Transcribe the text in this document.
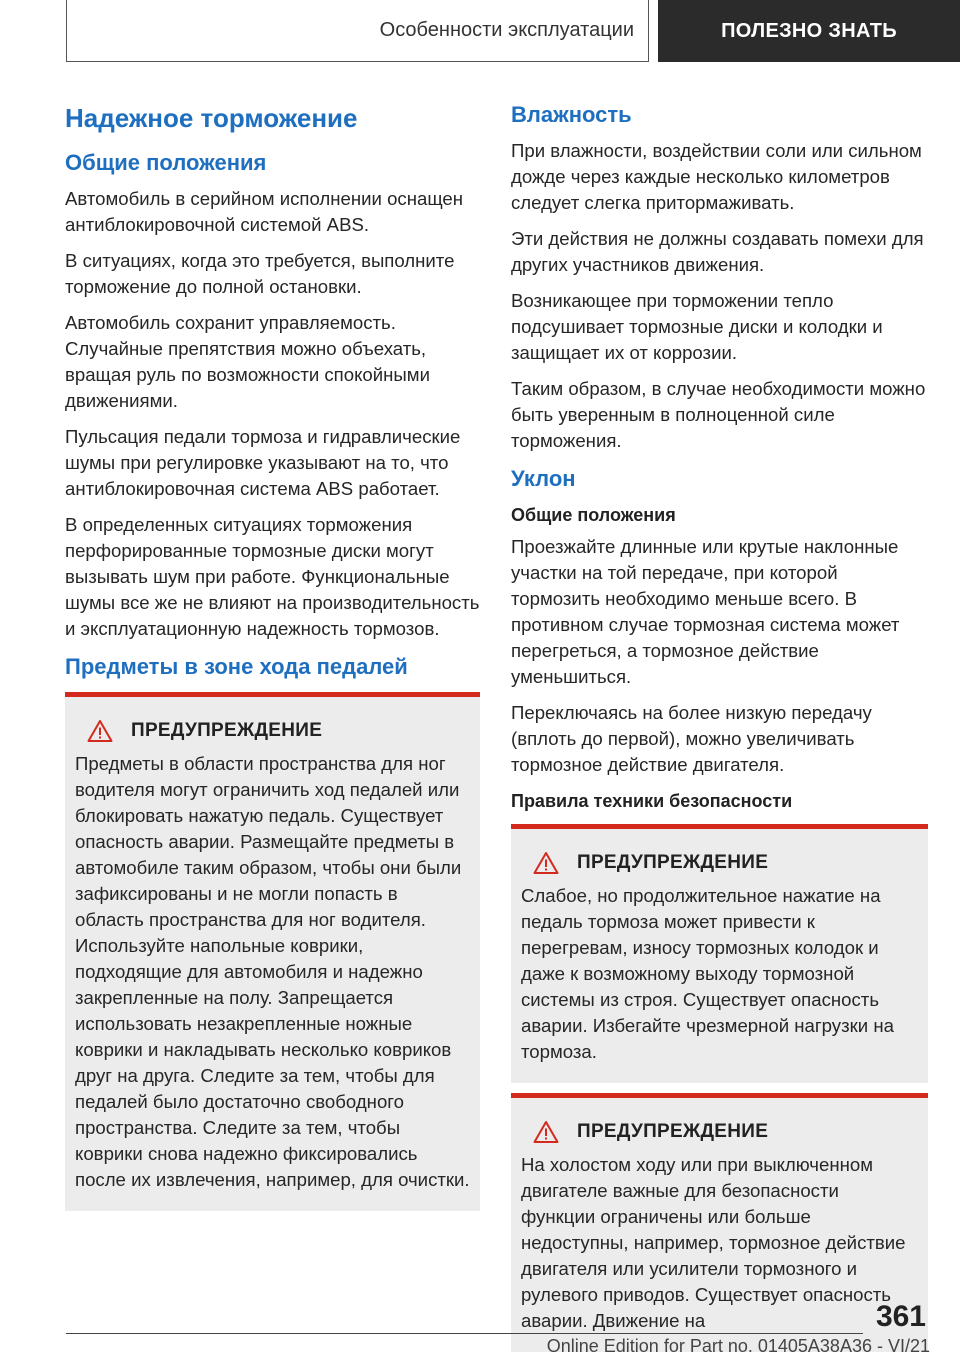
Особенности эксплуатации	ПОЛЕЗНО ЗНАТЬ
Надежное торможение
Общие положения

Автомобиль в серийном исполнении оснащен антиблокировочной системой ABS.

В ситуациях, когда это требуется, выполните торможение до полной остановки.

Автомобиль сохранит управляемость. Случайные препятствия можно объехать, вращая руль по возможности спокойными движениями.

Пульсация педали тормоза и гидравлические шумы при регулировке указывают на то, что антиблокировочная система ABS работает.

В определенных ситуациях торможения перфорированные тормозные диски могут вызывать шум при работе. Функциональные шумы все же не влияют на производительность и эксплуатационную надежность тормозов.

Предметы в зоне хода педалей
ПРЕДУПРЕЖДЕНИЕ

Предметы в области пространства для ног водителя могут ограничить ход педалей или блокировать нажатую педаль. Существует опасность аварии. Размещайте предметы в автомобиле таким образом, чтобы они были зафиксированы и не могли попасть в область пространства для ног водителя. Используйте напольные коврики, подходящие для автомобиля и надежно закрепленные на полу. Запрещается использовать незакрепленные ножные коврики и накладывать несколько ковриков друг на друга. Следите за тем, чтобы для педалей было достаточно свободного пространства. Следите за тем, чтобы коврики снова надежно фиксировались после их извлечения, например, для очистки.

Влажность

При влажности, воздействии соли или сильном дожде через каждые несколько километров следует слегка притормаживать.

Эти действия не должны создавать помехи для других участников движения.

Возникающее при торможении тепло подсушивает тормозные диски и колодки и защищает их от коррозии.

Таким образом, в случае необходимости можно быть уверенным в полноценной силе торможения.

Уклон
Общие положения

Проезжайте длинные или крутые наклонные участки на той передаче, при которой тормозить необходимо меньше всего. В противном случае тормозная система может перегреться, а тормозное действие уменьшиться.

Переключаясь на более низкую передачу (вплоть до первой), можно увеличивать тормозное действие двигателя.

Правила техники безопасности
ПРЕДУПРЕЖДЕНИЕ

Слабое, но продолжительное нажатие на педаль тормоза может привести к перегревам, износу тормозных колодок и даже к возможному выходу тормозной системы из строя. Существует опасность аварии. Избегайте чрезмерной нагрузки на тормоза.

ПРЕДУПРЕЖДЕНИЕ

На холостом ходу или при выключенном двигателе важные для безопасности функции ограничены или больше недоступны, например, тормозное действие двигателя или усилители тормозного и рулевого приводов. Существует опасность аварии. Движение на	361
Online Edition for Part no. 01405A38A36 - VI/21
